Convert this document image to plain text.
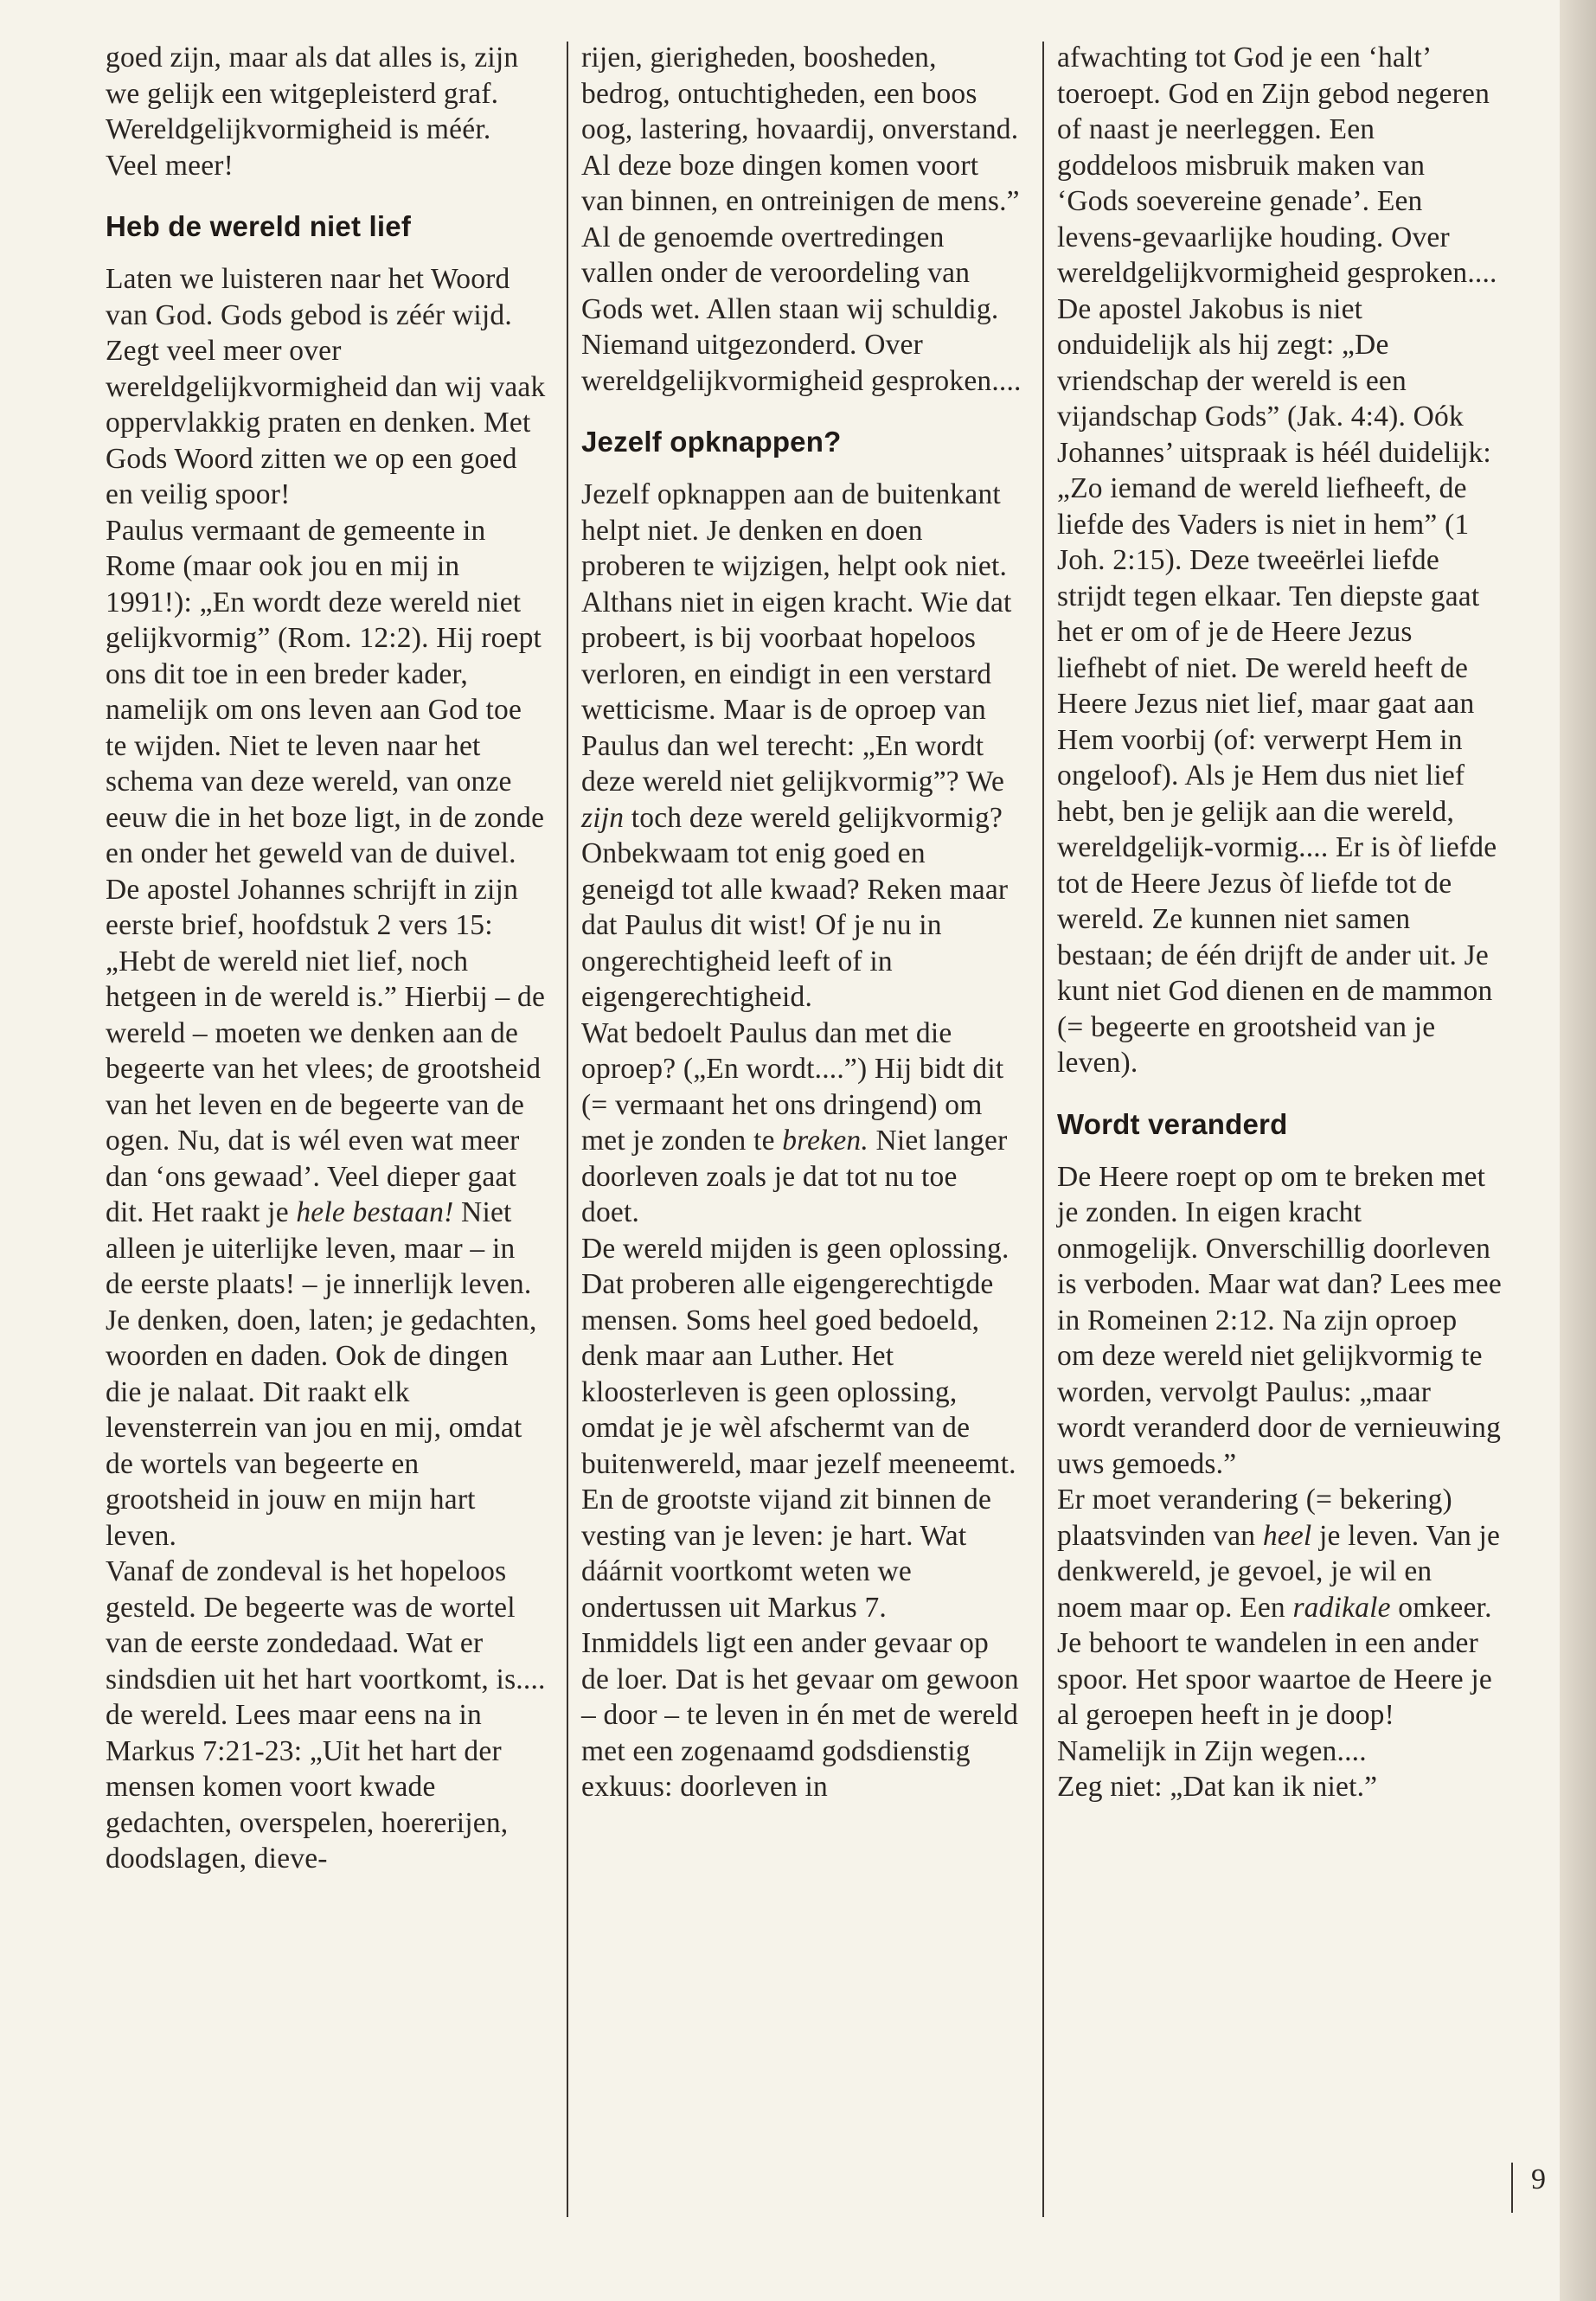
goed zijn, maar als dat alles is, zijn we gelijk een witgepleisterd graf. Wereldgelijkvormigheid is méér. Veel meer!

Heb de wereld niet lief

Laten we luisteren naar het Woord van God. Gods gebod is zéér wijd. Zegt veel meer over wereldgelijkvormigheid dan wij vaak oppervlakkig praten en denken. Met Gods Woord zitten we op een goed en veilig spoor!

Paulus vermaant de gemeente in Rome (maar ook jou en mij in 1991!): „En wordt deze wereld niet gelijkvormig” (Rom. 12:2). Hij roept ons dit toe in een breder kader, namelijk om ons leven aan God toe te wijden. Niet te leven naar het schema van deze wereld, van onze eeuw die in het boze ligt, in de zonde en onder het geweld van de duivel.

De apostel Johannes schrijft in zijn eerste brief, hoofdstuk 2 vers 15: „Hebt de wereld niet lief, noch hetgeen in de wereld is.” Hierbij – de wereld – moeten we denken aan de begeerte van het vlees; de grootsheid van het leven en de begeerte van de ogen. Nu, dat is wél even wat meer dan ‘ons gewaad’. Veel dieper gaat dit. Het raakt je hele bestaan! Niet alleen je uiterlijke leven, maar – in de eerste plaats! – je innerlijk leven. Je denken, doen, laten; je gedachten, woorden en daden. Ook de dingen die je nalaat. Dit raakt elk levensterrein van jou en mij, omdat de wortels van begeerte en grootsheid in jouw en mijn hart leven.

Vanaf de zondeval is het hopeloos gesteld. De begeerte was de wortel van de eerste zondedaad. Wat er sindsdien uit het hart voortkomt, is.... de wereld. Lees maar eens na in Markus 7:21-23: „Uit het hart der mensen komen voort kwade gedachten, overspelen, hoererijen, doodslagen, dieve-

rijen, gierigheden, boosheden, bedrog, ontuchtigheden, een boos oog, lastering, hovaardij, onverstand. Al deze boze dingen komen voort van binnen, en ontreinigen de mens.” Al de genoemde overtredingen vallen onder de veroordeling van Gods wet. Allen staan wij schuldig. Niemand uitgezonderd. Over wereldgelijkvormigheid gesproken....

Jezelf opknappen?

Jezelf opknappen aan de buitenkant helpt niet. Je denken en doen proberen te wijzigen, helpt ook niet. Althans niet in eigen kracht. Wie dat probeert, is bij voorbaat hopeloos verloren, en eindigt in een verstard wetticisme. Maar is de oproep van Paulus dan wel terecht: „En wordt deze wereld niet gelijkvormig”? We zijn toch deze wereld gelijkvormig? Onbekwaam tot enig goed en geneigd tot alle kwaad? Reken maar dat Paulus dit wist! Of je nu in ongerechtigheid leeft of in eigengerechtigheid.

Wat bedoelt Paulus dan met die oproep? („En wordt....”) Hij bidt dit (= vermaant het ons dringend) om met je zonden te breken. Niet langer doorleven zoals je dat tot nu toe doet.

De wereld mijden is geen oplossing. Dat proberen alle eigengerechtigde mensen. Soms heel goed bedoeld, denk maar aan Luther. Het kloosterleven is geen oplossing, omdat je je wèl afschermt van de buitenwereld, maar jezelf meeneemt. En de grootste vijand zit binnen de vesting van je leven: je hart. Wat dáárnit voortkomt weten we ondertussen uit Markus 7.

Inmiddels ligt een ander gevaar op de loer. Dat is het gevaar om gewoon – door – te leven in én met de wereld met een zogenaamd godsdienstig exkuus: doorleven in

afwachting tot God je een ‘halt’ toeroept. God en Zijn gebod negeren of naast je neerleggen. Een goddeloos misbruik maken van ‘Gods soevereine genade’. Een levens-gevaarlijke houding. Over wereldgelijkvormigheid gesproken....

De apostel Jakobus is niet onduidelijk als hij zegt: „De vriendschap der wereld is een vijandschap Gods” (Jak. 4:4). Oók Johannes’ uitspraak is héél duidelijk: „Zo iemand de wereld liefheeft, de liefde des Vaders is niet in hem” (1 Joh. 2:15). Deze tweeërlei liefde strijdt tegen elkaar. Ten diepste gaat het er om of je de Heere Jezus liefhebt of niet. De wereld heeft de Heere Jezus niet lief, maar gaat aan Hem voorbij (of: verwerpt Hem in ongeloof). Als je Hem dus niet lief hebt, ben je gelijk aan die wereld, wereldgelijk-vormig.... Er is òf liefde tot de Heere Jezus òf liefde tot de wereld. Ze kunnen niet samen bestaan; de één drijft de ander uit. Je kunt niet God dienen en de mammon (= begeerte en grootsheid van je leven).

Wordt veranderd

De Heere roept op om te breken met je zonden. In eigen kracht onmogelijk. Onverschillig doorleven is verboden. Maar wat dan? Lees mee in Romeinen 2:12. Na zijn oproep om deze wereld niet gelijkvormig te worden, vervolgt Paulus: „maar wordt veranderd door de vernieuwing uws gemoeds.”

Er moet verandering (= bekering) plaatsvinden van heel je leven. Van je denkwereld, je gevoel, je wil en noem maar op. Een radikale omkeer. Je behoort te wandelen in een ander spoor. Het spoor waartoe de Heere je al geroepen heeft in je doop! Namelijk in Zijn wegen....

Zeg niet: „Dat kan ik niet.”

9
